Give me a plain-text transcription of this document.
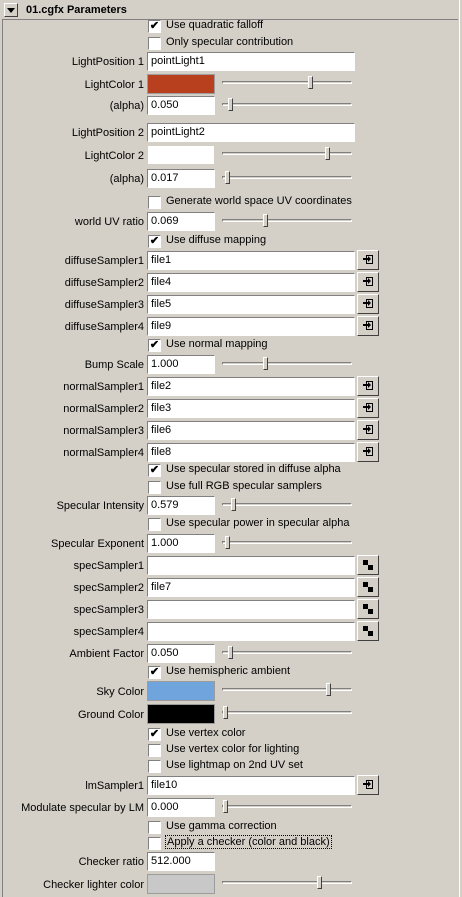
01.cgfx Parameters
✔ Use quadratic falloff
Only specular contribution
LightPosition 1 pointLight1
LightColor 1
(alpha) 0.050
LightPosition 2 pointLight2
LightColor 2
(alpha) 0.017
Generate world space UV coordinates
world UV ratio 0.069
✔ Use diffuse mapping
diffuseSampler1 file1
diffuseSampler2 file4
diffuseSampler3 file5
diffuseSampler4 file9
✔ Use normal mapping
Bump Scale 1.000
normalSampler1 file2
normalSampler2 file3
normalSampler3 file6
normalSampler4 file8
✔ Use specular stored in diffuse alpha
Use full RGB specular samplers
Specular Intensity 0.579
Use specular power in specular alpha
Specular Exponent 1.000
specSampler1
specSampler2 file7
specSampler3
specSampler4
Ambient Factor 0.050
✔ Use hemispheric ambient
Sky Color
Ground Color
✔ Use vertex color
Use vertex color for lighting
Use lightmap on 2nd UV set
lmSampler1 file10
Modulate specular by LM 0.000
Use gamma correction
Apply a checker (color and black)
Checker ratio 512.000
Checker lighter color
